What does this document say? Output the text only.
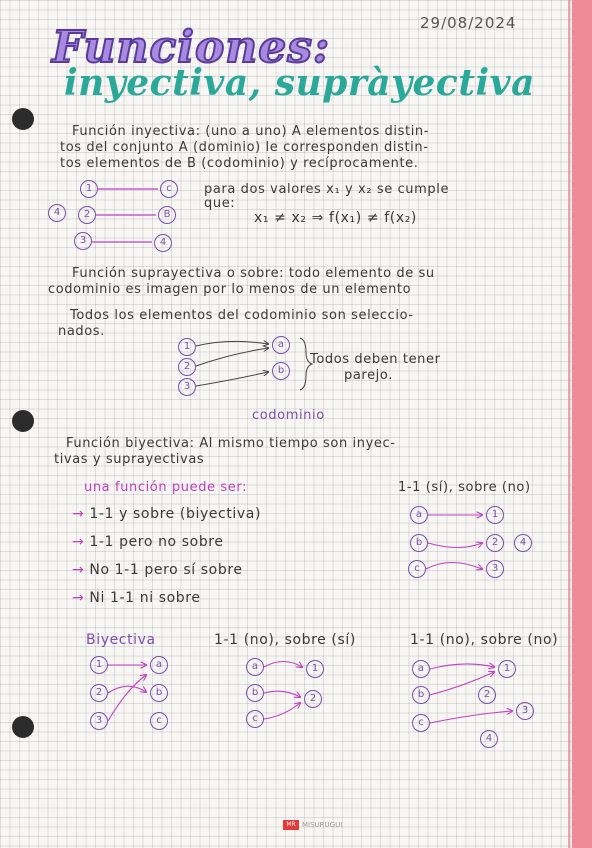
29/08/2024
Funciones:
inyectiva, supràyectiva
Función inyectiva: (uno a uno) A elementos distin-
tos del conjunto A (dominio) le corresponden distin-
tos elementos de B (codominio) y recíprocamente.
1
2
3
c
B
4
4
para dos valores x₁ y x₂ se cumple
que:
x₁ ≠ x₂ ⇒ f(x₁) ≠ f(x₂)
Función suprayectiva o sobre: todo elemento de su
codominio es imagen por lo menos de un elemento
Todos los elementos del codominio son seleccio-
nados.
1
2
3
a
b
Todos deben tener
parejo.
codominio
Función biyectiva: Al mismo tiempo son inyec-
tivas y suprayectivas
una función puede ser:	1-1 (sí), sobre (no)
→ 1-1 y sobre (biyectiva)
→ 1-1 pero no sobre
→ No 1-1 pero sí sobre
→ Ni 1-1 ni sobre
a
b
c
1
2
3
4
Biyectiva	1-1 (no), sobre (sí)	1-1 (no), sobre (no)
1
2
3
a
b
c
a
b
c
1
2
a
b
c
1
2
3
4
MR MISURUGUI
